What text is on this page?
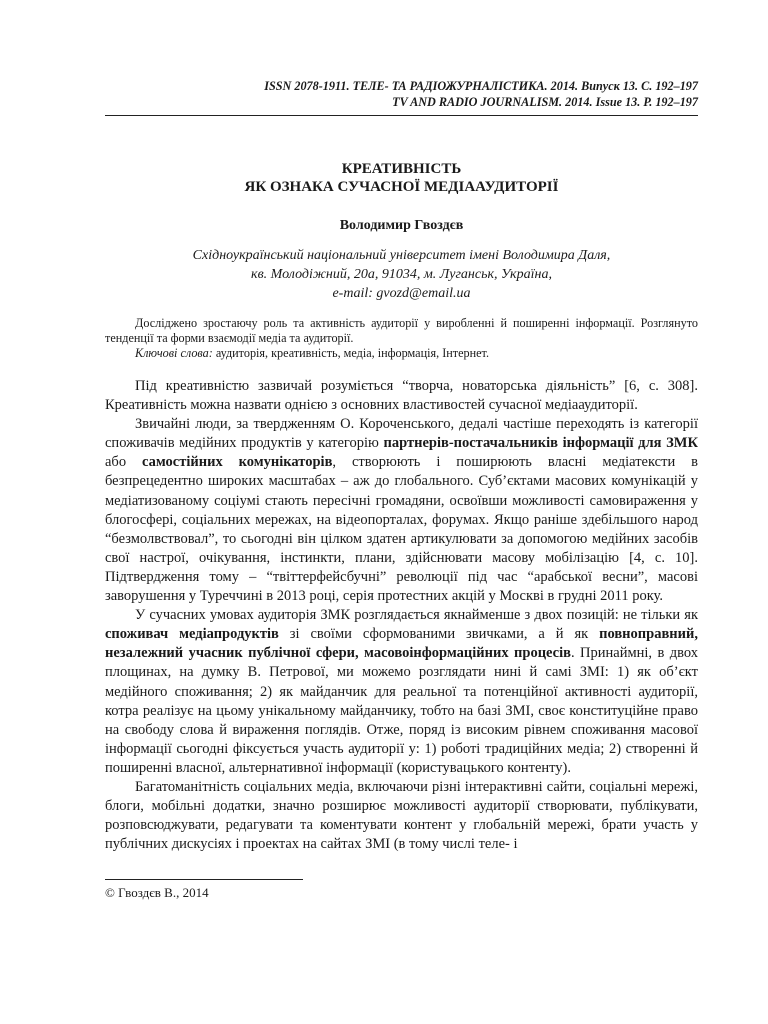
ISSN 2078-1911. ТЕЛЕ- ТА РАДІОЖУРНАЛІСТИКА. 2014. Випуск 13. С. 192–197
TV AND RADIO JOURNALISM. 2014. Issue 13. P. 192–197
КРЕАТИВНІСТЬ
ЯК ОЗНАКА СУЧАСНОЇ МЕДІААУДИТОРІЇ
Володимир Гвоздєв
Східноукраїнський національний університет імені Володимира Даля,
кв. Молодіжний, 20а, 91034, м. Луганськ, Україна,
e-mail: gvozd@email.ua

Досліджено зростаючу роль та активність аудиторії у виробленні й поширенні інформації. Розглянуто тенденції та форми взаємодії медіа та аудиторії.

Ключові слова: аудиторія, креативність, медіа, інформація, Інтернет.

Під креативністю зазвичай розуміється “творча, новаторська діяльність” [6, с. 308]. Креативність можна назвати однією з основних властивостей сучасної медіааудиторії.

Звичайні люди, за твердженням О. Короченського, дедалі частіше переходять із категорії споживачів медійних продуктів у категорію партнерів-постачальників інформації для ЗМК або самостійних комунікаторів, створюють і поширюють власні медіатексти в безпрецедентно широких масштабах – аж до глобального. Суб’єктами масових комунікацій у медіатизованому соціумі стають пересічні громадяни, освоївши можливості самовираження у блогосфері, соціальних мережах, на відеопорталах, форумах. Якщо раніше здебільшого народ “безмолвствовал”, то сьогодні він цілком здатен артикулювати за допомогою медійних засобів свої настрої, очікування, інстинкти, плани, здійснювати масову мобілізацію [4, с. 10]. Підтвердження тому – “твіттерфейсбучні” революції під час “арабської весни”, масові заворушення у Туреччині в 2013 році, серія протестних акцій у Москві в грудні 2011 року.

У сучасних умовах аудиторія ЗМК розглядається якнайменше з двох позицій: не тільки як споживач медіапродуктів зі своїми сформованими звичками, а й як повноправний, незалежний учасник публічної сфери, масовоінформаційних процесів. Принаймні, в двох площинах, на думку В. Петрової, ми можемо розглядати нині й самі ЗМІ: 1) як об’єкт медійного споживання; 2) як майданчик для реальної та потенційної активності аудиторії, котра реалізує на цьому унікальному майданчику, тобто на базі ЗМІ, своє конституційне право на свободу слова й вираження поглядів. Отже, поряд із високим рівнем споживання масової інформації сьогодні фіксується участь аудиторії у: 1) роботі традиційних медіа; 2) створенні й поширенні власної, альтернативної інформації (користувацького контенту).

Багатоманітність соціальних медіа, включаючи різні інтерактивні сайти, соціальні мережі, блоги, мобільні додатки, значно розширює можливості аудиторії створювати, публікувати, розповсюджувати, редагувати та коментувати контент у глобальній мережі, брати участь у публічних дискусіях і проектах на сайтах ЗМІ (в тому числі теле- і

© Гвоздєв В., 2014
